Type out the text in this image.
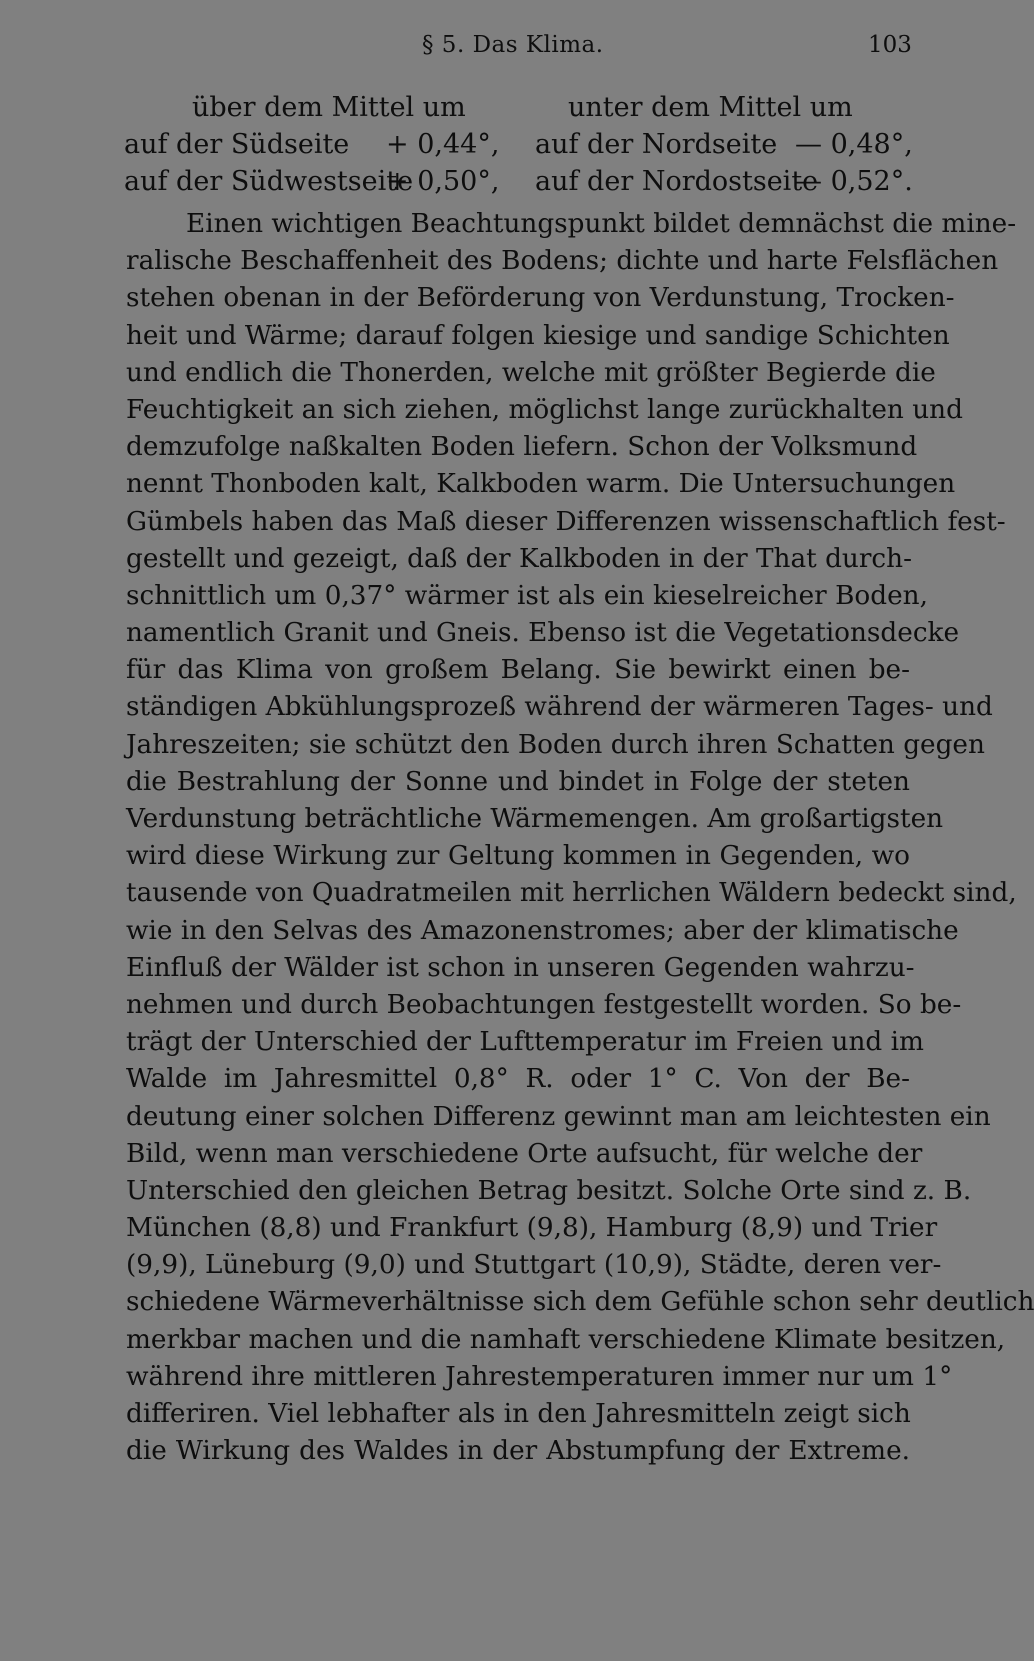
§ 5. Das Klima.	103
über dem Mittel um	unter dem Mittel um
auf der Südseite + 0,44°, auf der Nordseite — 0,48°,
auf der Südwestseite
+ 0,50°, auf der Nordostseite
— 0,52°.
Einen wichtigen Beachtungspunkt bildet demnächst die mine-
ralische Beschaffenheit des Bodens; dichte und harte Felsflächen
stehen obenan in der Beförderung von Verdunstung, Trocken-
heit und Wärme; darauf folgen kiesige und sandige Schichten
und endlich die Thonerden, welche mit größter Begierde die
Feuchtigkeit an sich ziehen, möglichst lange zurückhalten und
demzufolge naßkalten Boden liefern. Schon der Volksmund
nennt Thonboden kalt, Kalkboden warm. Die Untersuchungen
Gümbels haben das Maß dieser Differenzen wissenschaftlich fest-
gestellt und gezeigt, daß der Kalkboden in der That durch-
schnittlich um 0,37° wärmer ist als ein kieselreicher Boden,
namentlich Granit und Gneis. Ebenso ist die Vegetationsdecke
für das Klima von großem Belang. Sie bewirkt einen be-
ständigen Abkühlungsprozeß während der wärmeren Tages- und
Jahreszeiten; sie schützt den Boden durch ihren Schatten gegen
die Bestrahlung der Sonne und bindet in Folge der steten
Verdunstung beträchtliche Wärmemengen. Am großartigsten
wird diese Wirkung zur Geltung kommen in Gegenden, wo
tausende von Quadratmeilen mit herrlichen Wäldern bedeckt sind,
wie in den Selvas des Amazonenstromes; aber der klimatische
Einfluß der Wälder ist schon in unseren Gegenden wahrzu-
nehmen und durch Beobachtungen festgestellt worden. So be-
trägt der Unterschied der Lufttemperatur im Freien und im
Walde im Jahresmittel 0,8° R. oder 1° C. Von der Be-
deutung einer solchen Differenz gewinnt man am leichtesten ein
Bild, wenn man verschiedene Orte aufsucht, für welche der
Unterschied den gleichen Betrag besitzt. Solche Orte sind z. B.
München (8,8) und Frankfurt (9,8), Hamburg (8,9) und Trier
(9,9), Lüneburg (9,0) und Stuttgart (10,9), Städte, deren ver-
schiedene Wärmeverhältnisse sich dem Gefühle schon sehr deutlich
merkbar machen und die namhaft verschiedene Klimate besitzen,
während ihre mittleren Jahrestemperaturen immer nur um 1°
differiren. Viel lebhafter als in den Jahresmitteln zeigt sich
die Wirkung des Waldes in der Abstumpfung der Extreme.
